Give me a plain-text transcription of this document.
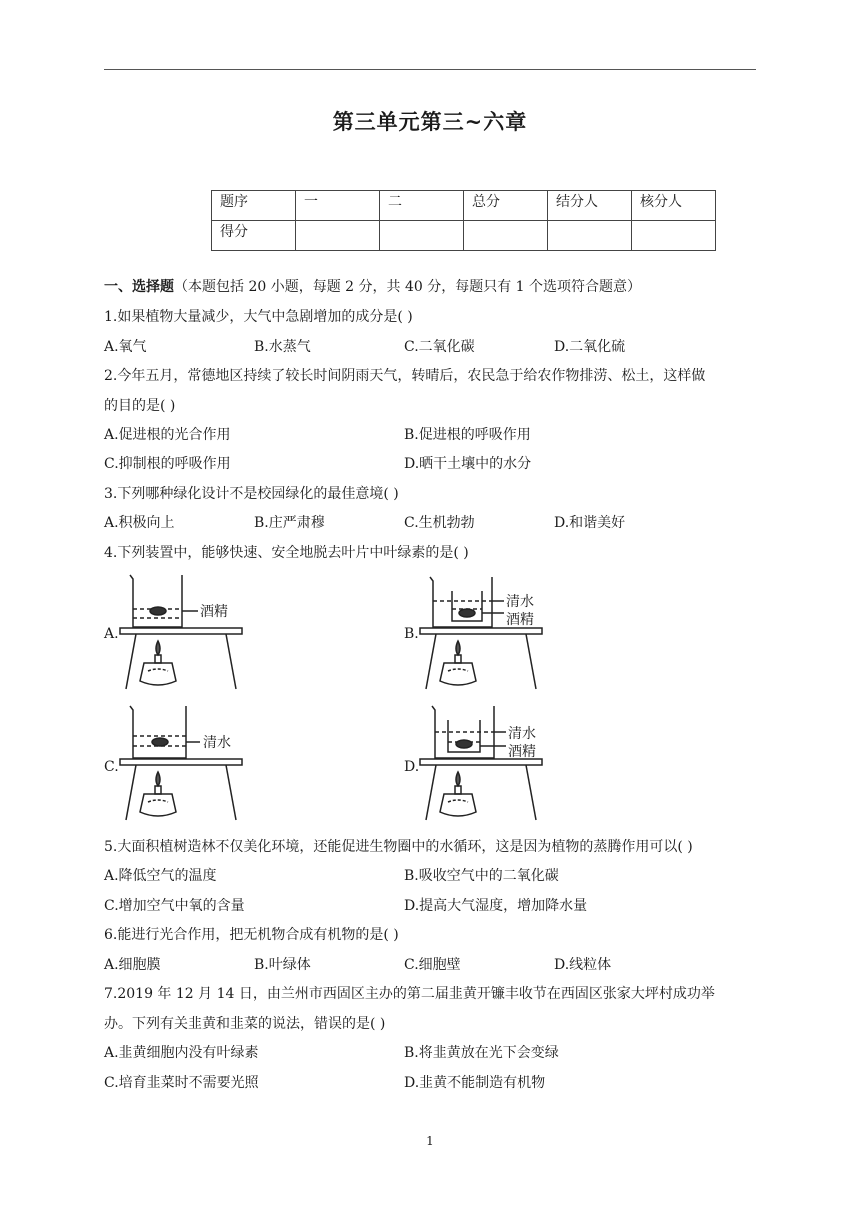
第三单元第三~六章
题序	一	二	总分	结分人	核分人
得分					
一、选择题（本题包括 20 小题，每题 2 分，共 40 分，每题只有 1 个选项符合题意）
1.如果植物大量减少，大气中急剧增加的成分是( )
A.氧气	B.水蒸气	C.二氧化碳	D.二氧化硫
2.今年五月，常德地区持续了较长时间阴雨天气，转晴后，农民急于给农作物排涝、松土，这样做
的目的是( )
A.促进根的光合作用	B.促进根的呼吸作用
C.抑制根的呼吸作用	D.晒干土壤中的水分
3.下列哪种绿化设计不是校园绿化的最佳意境( )
A.积极向上	B.庄严肃穆	C.生机勃勃	D.和谐美好
4.下列装置中，能够快速、安全地脱去叶片中叶绿素的是( )
A.
酒精
B.
清水
酒精
C.
清水
D.
清水
酒精
5.大面积植树造林不仅美化环境，还能促进生物圈中的水循环，这是因为植物的蒸腾作用可以( )
A.降低空气的温度	B.吸收空气中的二氧化碳
C.增加空气中氧的含量	D.提高大气湿度，增加降水量
6.能进行光合作用，把无机物合成有机物的是( )
A.细胞膜	B.叶绿体	C.细胞壁	D.线粒体
7.2019 年 12 月 14 日，由兰州市西固区主办的第二届韭黄开镰丰收节在西固区张家大坪村成功举
办。下列有关韭黄和韭菜的说法，错误的是( )
A.韭黄细胞内没有叶绿素	B.将韭黄放在光下会变绿
C.培育韭菜时不需要光照	D.韭黄不能制造有机物
1
